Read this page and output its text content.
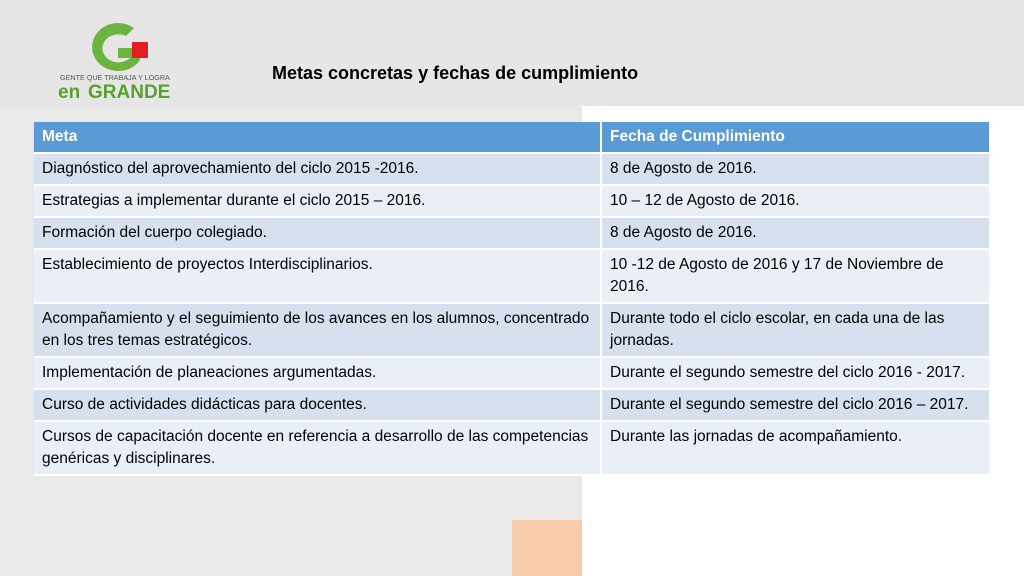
GENTE QUE TRABAJA Y LOGRA
en GRANDE
Metas concretas y fechas de cumplimiento
Meta	Fecha de Cumplimiento
Diagnóstico del aprovechamiento del ciclo 2015 -2016.	8 de Agosto de 2016.
Estrategias a implementar durante el ciclo 2015 – 2016.	10 – 12 de Agosto de 2016.
Formación del cuerpo colegiado.	8 de Agosto de 2016.
Establecimiento de proyectos Interdisciplinarios.	10 -12 de Agosto de 2016 y 17 de Noviembre de 2016.
Acompañamiento y el seguimiento de los avances en los alumnos, concentrado en los tres temas estratégicos.	Durante todo el ciclo escolar, en cada una de las jornadas.
Implementación de planeaciones argumentadas.	Durante el segundo semestre del ciclo 2016 - 2017.
Curso de actividades didácticas para docentes.	Durante el segundo semestre del ciclo 2016 – 2017.
Cursos de capacitación docente en referencia a desarrollo de las competencias genéricas y disciplinares.	Durante las jornadas de acompañamiento.
